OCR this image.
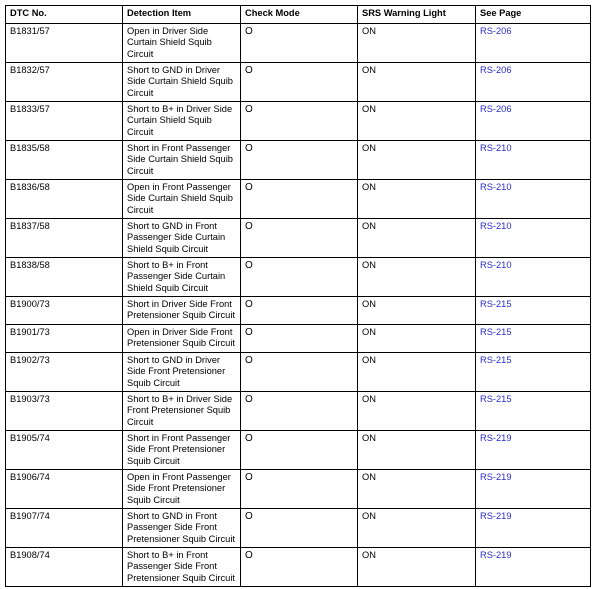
DTC No.	Detection Item	Check Mode	SRS Warning Light	See Page
B1831/57	Open in Driver Side Curtain Shield Squib Circuit	O	ON	RS-206
B1832/57	Short to GND in Driver Side Curtain Shield Squib Circuit	O	ON	RS-206
B1833/57	Short to B+ in Driver Side Curtain Shield Squib Circuit	O	ON	RS-206
B1835/58	Short in Front Passenger Side Curtain Shield Squib Circuit	O	ON	RS-210
B1836/58	Open in Front Passenger Side Curtain Shield Squib Circuit	O	ON	RS-210
B1837/58	Short to GND in Front Passenger Side Curtain Shield Squib Circuit	O	ON	RS-210
B1838/58	Short to B+ in Front Passenger Side Curtain Shield Squib Circuit	O	ON	RS-210
B1900/73	Short in Driver Side Front Pretensioner Squib Circuit	O	ON	RS-215
B1901/73	Open in Driver Side Front Pretensioner Squib Circuit	O	ON	RS-215
B1902/73	Short to GND in Driver Side Front Pretensioner Squib Circuit	O	ON	RS-215
B1903/73	Short to B+ in Driver Side Front Pretensioner Squib Circuit	O	ON	RS-215
B1905/74	Short in Front Passenger Side Front Pretensioner Squib Circuit	O	ON	RS-219
B1906/74	Open in Front Passenger Side Front Pretensioner Squib Circuit	O	ON	RS-219
B1907/74	Short to GND in Front Passenger Side Front Pretensioner Squib Circuit	O	ON	RS-219
B1908/74	Short to B+ in Front Passenger Side Front Pretensioner Squib Circuit	O	ON	RS-219
